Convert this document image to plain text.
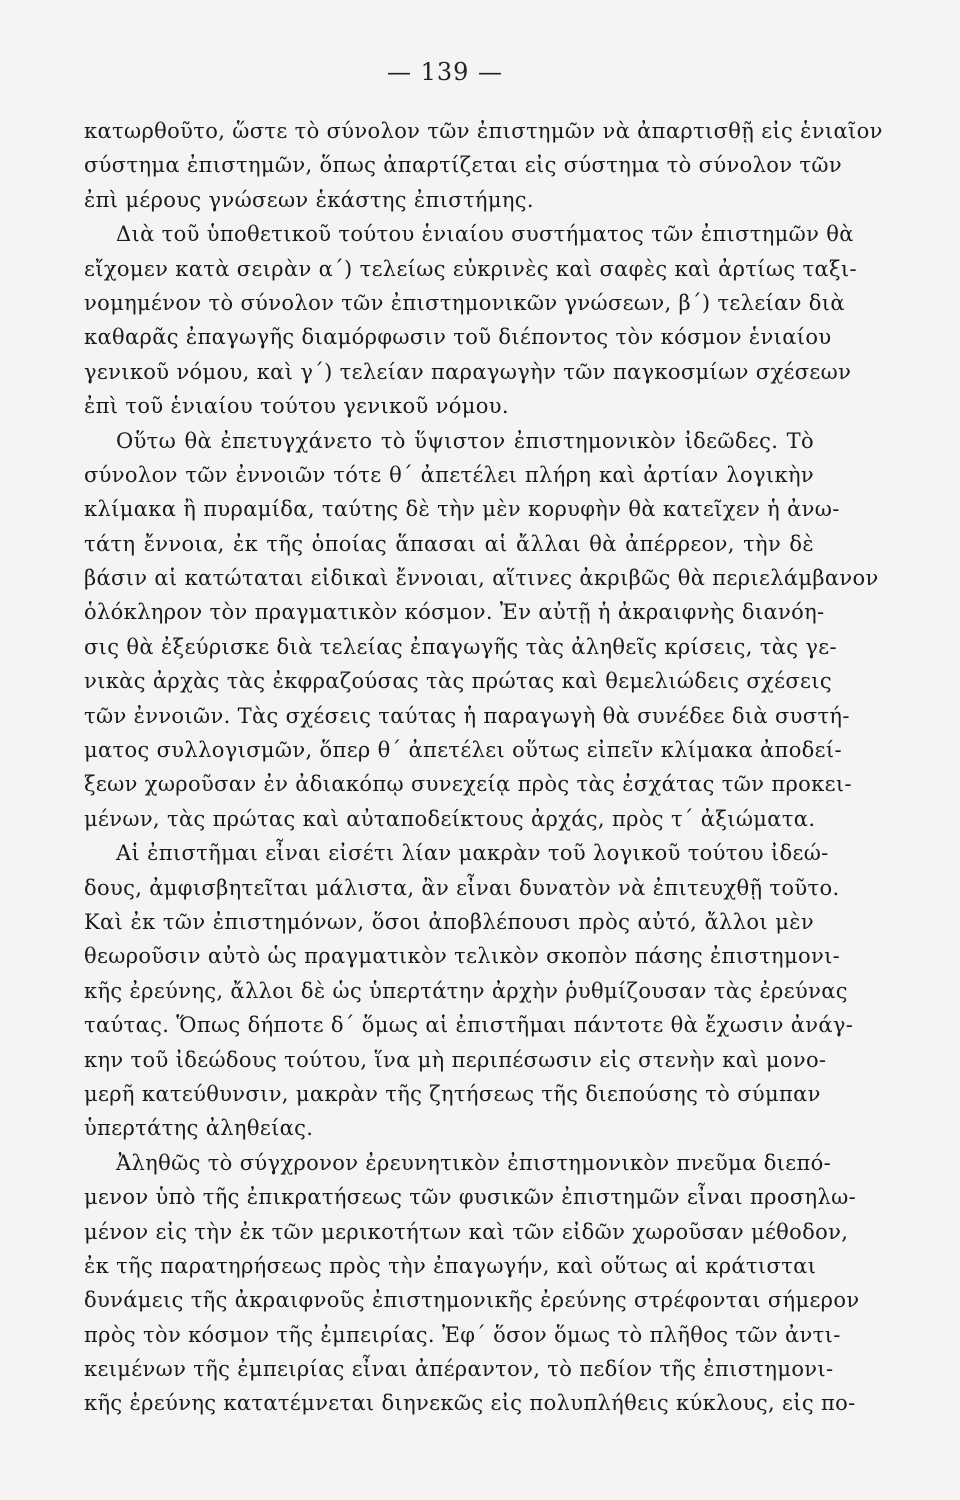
— 139 —
κατωρθοῦτο, ὥστε τὸ σύνολον τῶν ἐπιστημῶν νὰ ἀπαρτισθῇ εἰς ἑνιαῖον
σύστημα ἐπιστημῶν, ὅπως ἀπαρτίζεται εἰς σύστημα τὸ σύνολον τῶν
ἐπὶ μέρους γνώσεων ἑκάστης ἐπιστήμης.
Διὰ τοῦ ὑποθετικοῦ τούτου ἑνιαίου συστήματος τῶν ἐπιστημῶν θὰ
εἴχομεν κατὰ σειρὰν α΄) τελείως εὐκρινὲς καὶ σαφὲς καὶ ἀρτίως ταξι-
νομημένον τὸ σύνολον τῶν ἐπιστημονικῶν γνώσεων, β΄) τελείαν διὰ
καθαρᾶς ἐπαγωγῆς διαμόρφωσιν τοῦ διέποντος τὸν κόσμον ἑνιαίου
γενικοῦ νόμου, καὶ γ΄) τελείαν παραγωγὴν τῶν παγκοσμίων σχέσεων
ἐπὶ τοῦ ἑνιαίου τούτου γενικοῦ νόμου.
Οὕτω θὰ ἐπετυγχάνετο τὸ ὕψιστον ἐπιστημονικὸν ἰδεῶδες. Τὸ
σύνολον τῶν ἐννοιῶν τότε θ΄ ἀπετέλει πλήρη καὶ ἀρτίαν λογικὴν
κλίμακα ἢ πυραμίδα, ταύτης δὲ τὴν μὲν κορυφὴν θὰ κατεῖχεν ἡ ἀνω-
τάτη ἔννοια, ἐκ τῆς ὁποίας ἅπασαι αἱ ἄλλαι θὰ ἀπέρρεον, τὴν δὲ
βάσιν αἱ κατώταται εἰδικαὶ ἔννοιαι, αἵτινες ἀκριβῶς θὰ περιελάμβανον
ὁλόκληρον τὸν πραγματικὸν κόσμον. Ἐν αὐτῇ ἡ ἀκραιφνὴς διανόη-
σις θὰ ἐξεύρισκε διὰ τελείας ἐπαγωγῆς τὰς ἀληθεῖς κρίσεις, τὰς γε-
νικὰς ἀρχὰς τὰς ἐκφραζούσας τὰς πρώτας καὶ θεμελιώδεις σχέσεις
τῶν ἐννοιῶν. Τὰς σχέσεις ταύτας ἡ παραγωγὴ θὰ συνέδεε διὰ συστή-
ματος συλλογισμῶν, ὅπερ θ΄ ἀπετέλει οὕτως εἰπεῖν κλίμακα ἀποδεί-
ξεων χωροῦσαν ἐν ἀδιακόπῳ συνεχείᾳ πρὸς τὰς ἐσχάτας τῶν προκει-
μένων, τὰς πρώτας καὶ αὐταποδείκτους ἀρχάς, πρὸς τ΄ ἀξιώματα.
Αἱ ἐπιστῆμαι εἶναι εἰσέτι λίαν μακρὰν τοῦ λογικοῦ τούτου ἰδεώ-
δους, ἀμφισβητεῖται μάλιστα, ἂν εἶναι δυνατὸν νὰ ἐπιτευχθῇ τοῦτο.
Καὶ ἐκ τῶν ἐπιστημόνων, ὅσοι ἀποβλέπουσι πρὸς αὐτό, ἄλλοι μὲν
θεωροῦσιν αὐτὸ ὡς πραγματικὸν τελικὸν σκοπὸν πάσης ἐπιστημονι-
κῆς ἐρεύνης, ἄλλοι δὲ ὡς ὑπερτάτην ἀρχὴν ῥυθμίζουσαν τὰς ἐρεύνας
ταύτας. Ὅπως δήποτε δ΄ ὅμως αἱ ἐπιστῆμαι πάντοτε θὰ ἔχωσιν ἀνάγ-
κην τοῦ ἰδεώδους τούτου, ἵνα μὴ περιπέσωσιν εἰς στενὴν καὶ μονο-
μερῆ κατεύθυνσιν, μακρὰν τῆς ζητήσεως τῆς διεπούσης τὸ σύμπαν
ὑπερτάτης ἀληθείας.
Ἀληθῶς τὸ σύγχρονον ἐρευνητικὸν ἐπιστημονικὸν πνεῦμα διεπό-
μενον ὑπὸ τῆς ἐπικρατήσεως τῶν φυσικῶν ἐπιστημῶν εἶναι προσηλω-
μένον εἰς τὴν ἐκ τῶν μερικοτήτων καὶ τῶν εἰδῶν χωροῦσαν μέθοδον,
ἐκ τῆς παρατηρήσεως πρὸς τὴν ἐπαγωγήν, καὶ οὕτως αἱ κράτισται
δυνάμεις τῆς ἀκραιφνοῦς ἐπιστημονικῆς ἐρεύνης στρέφονται σήμερον
πρὸς τὸν κόσμον τῆς ἐμπειρίας. Ἐφ΄ ὅσον ὅμως τὸ πλῆθος τῶν ἀντι-
κειμένων τῆς ἐμπειρίας εἶναι ἀπέραντον, τὸ πεδίον τῆς ἐπιστημονι-
κῆς ἐρεύνης κατατέμνεται διηνεκῶς εἰς πολυπλήθεις κύκλους, εἰς πο-
